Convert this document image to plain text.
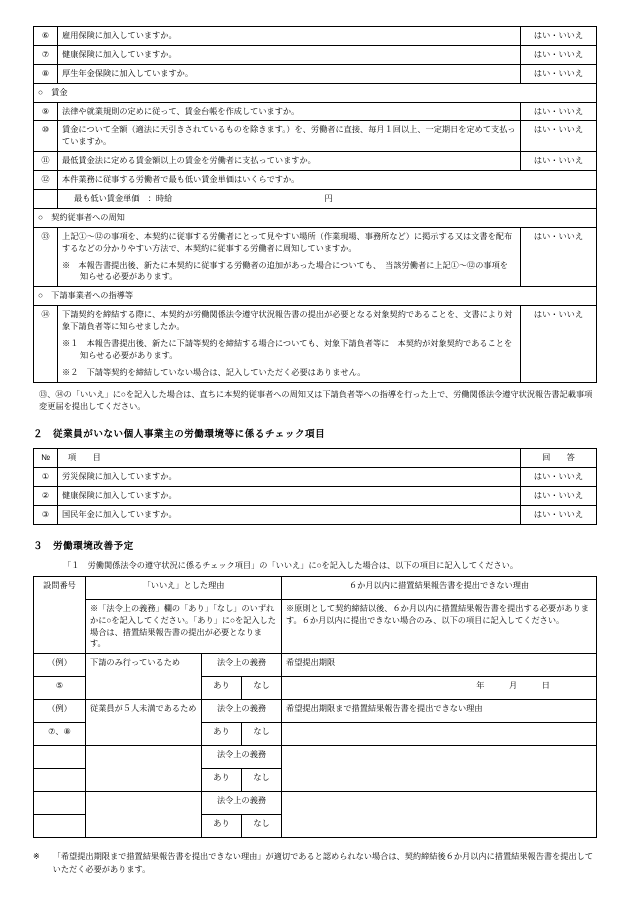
⑥	雇用保険に加入していますか。	はい・いいえ
⑦	健康保険に加入していますか。	はい・いいえ
⑧	厚生年金保険に加入していますか。	はい・いいえ
○　賃金		
⑨	法律や就業規則の定めに従って、賃金台帳を作成していますか。	はい・いいえ
⑩	賃金について全額（適法に天引きされているものを除きます。）を、労働者に直接、毎月１回以上、一定期日を定めて支払っていますか。	はい・いいえ
⑪	最低賃金法に定める賃金額以上の賃金を労働者に支払っていますか。	はい・いいえ
⑫	本件業務に従事する労働者で最も低い賃金単価はいくらですか。	
	最も低い賃金単価　：時給 円	
○　契約従事者への周知		
⑬	上記①～⑫の事項を、本契約に従事する労働者にとって見やすい場所（作業現場、事務所など）に掲示する又は文書を配布するなどの分かりやすい方法で、本契約に従事する労働者に周知していますか。
※　本報告書提出後、新たに本契約に従事する労働者の追加があった場合についても、　当該労働者に上記①～⑫の事項を知らせる必要があります。	はい・いいえ
○　下請事業者への指導等		
⑭	下請契約を締結する際に、本契約が労働関係法令遵守状況報告書の提出が必要となる対象契約であることを、文書により対象下請負者等に知らせましたか。
※１　本報告書提出後、新たに下請等契約を締結する場合についても、対象下請負者等に　本契約が対象契約であることを知らせる必要があります。
※２　下請等契約を締結していない場合は、記入していただく必要はありません。	はい・いいえ
⑬、⑭の「いいえ」に○を記入した場合は、直ちに本契約従事者への周知又は下請負者等への指導を行った上で、労働関係法令遵守状況報告書記載事項変更届を提出してください。
２ 従業員がいない個人事業主の労働環境等に係るチェック項目
№	項　　目	回　　答
①	労災保険に加入していますか。	はい・いいえ
②	健康保険に加入していますか。	はい・いいえ
③	国民年金に加入していますか。	はい・いいえ
３ 労働環境改善予定
「１　労働関係法令の遵守状況に係るチェック項目」の「いいえ」に○を記入した場合は、以下の項目に記入してください。
設問番号	「いいえ」とした理由			６か月以内に措置結果報告書を提出できない理由
	※「法令上の義務」欄の「あり」「なし」のいずれかに○を記入してください。「あり」に○を記入した場合は、措置結果報告書の提出が必要となります。			※原則として契約締結以後、６か月以内に措置結果報告書を提出する必要があります。６か月以内に提出できない場合のみ、以下の項目に記入してください。
（例）	下請のみ行っているため	法令上の義務		希望提出期限
⑤		あり	なし	年　　　月　　　日
（例）	従業員が５人未満であるため	法令上の義務		希望提出期限まで措置結果報告書を提出できない理由
⑦、⑧		あり	なし	
		法令上の義務		
		あり	なし	
		法令上の義務		
		あり	なし	
※ 「希望提出期限まで措置結果報告書を提出できない理由」が適切であると認められない場合は、契約締結後６か月以内に措置結果報告書を提出していただく必要があります。
